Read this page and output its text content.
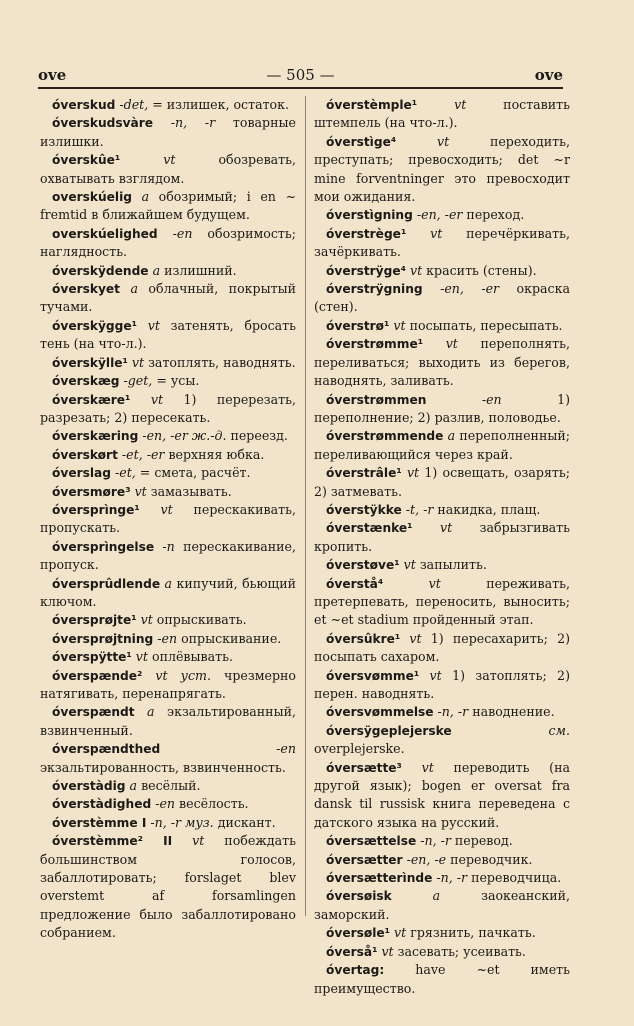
ove	— 505 —	ove

óverskud -det, = излишек, остаток.

óverskudsvàre -n, -r товарные излишки.

óverskûe¹	vt обозревать, охватывать взглядом.

overskúelig a обозримый; i en ~ fremtid в ближайшем будущем.

overskúelighed -en обозримость; наглядность.

óverskÿdende a излишний.

óverskyet a облачный, покрытый тучами.

óverskÿgge¹ vt затенять, бросать тень (на что-л.).

óverskÿlle¹ vt затоплять, наводнять.

óverskæg -get, = усы.

óverskære¹ vt 1) перерезать, разрезать; 2) пересекать.

óverskæring -en, -er ж.-д. переезд.

óverskørt -et, -er верхняя юбка.

óverslag -et, = смета, расчёт.

óversmøre³ vt замазывать.

óversprìnge¹ vt перескакивать, пропускать.

óversprìngelse -n перескакивание, пропуск.

óversprûdlende a кипучий, бьющий ключом.

óversprøjte¹ vt опрыскивать.

óversprøjtning -en опрыскивание.

óverspÿtte¹ vt оплёвывать.

óverspænde² vt уст. чрезмерно натягивать, перенапрягать.

óverspændt a экзальтированный, взвинченный.

óverspændthed	-en экзальтированность, взвинченность.

óverstàdig a весёлый.

óverstàdighed -en весёлость.

óverstèmme I -n, -r муз. дискант.

óverstèmme² II vt побеждать большинством голосов, забаллотировать; forslaget blev overstemt af forsamlingen предложение было забаллотировано собранием.

óverstèmple¹	vt поставить штемпель (на что-л.).

óverstìge⁴	vt переходить, преступать; превосходить; det ~r mine forventninger это превосходит мои ожидания.

óverstìgning -en, -er переход.

óverstrège¹ vt перечёркивать, зачёркивать.

óverstrÿge⁴ vt красить (стены).

óverstrÿgning -en, -er окраска (стен).

óverstrø¹ vt посыпать, пересыпать.

óverstrømme¹ vt переполнять, переливаться; выходить из берегов, наводнять, заливать.

óverstrømmen	-en 1) переполнение; 2) разлив, половодье.

óverstrømmende a переполненный; переливающийся через край.

óverstrâle¹ vt 1) освещать, озарять; 2) затмевать.

óverstÿkke -t, -r накидка, плащ.

óverstænke¹ vt забрызгивать кропить.

óverstøve¹ vt запылить.

óverstå⁴	vt переживать, претерпевать, переносить, выносить; et ~et stadium пройденный этап.

óversûkre¹ vt 1) пересахарить; 2) посыпать сахаром.

óversvømme¹ vt 1) затоплять; 2) перен. наводнять.

óversvømmelse -n, -r наводнение.

óversÿgeplejerske	см. overplejerske.

óversætte³ vt переводить (на другой язык); bogen er oversat fra dansk til russisk книга переведена с датского языка на русский.

óversættelse -n, -r перевод.

óversætter -en, -e переводчик.

óversætterìnde -n, -r переводчица.

óversøisk	a заокеанский, заморский.

óversøle¹ vt грязнить, пачкать.

óverså¹ vt засевать; усеивать.

óvertag: have ~et иметь преимущество.
